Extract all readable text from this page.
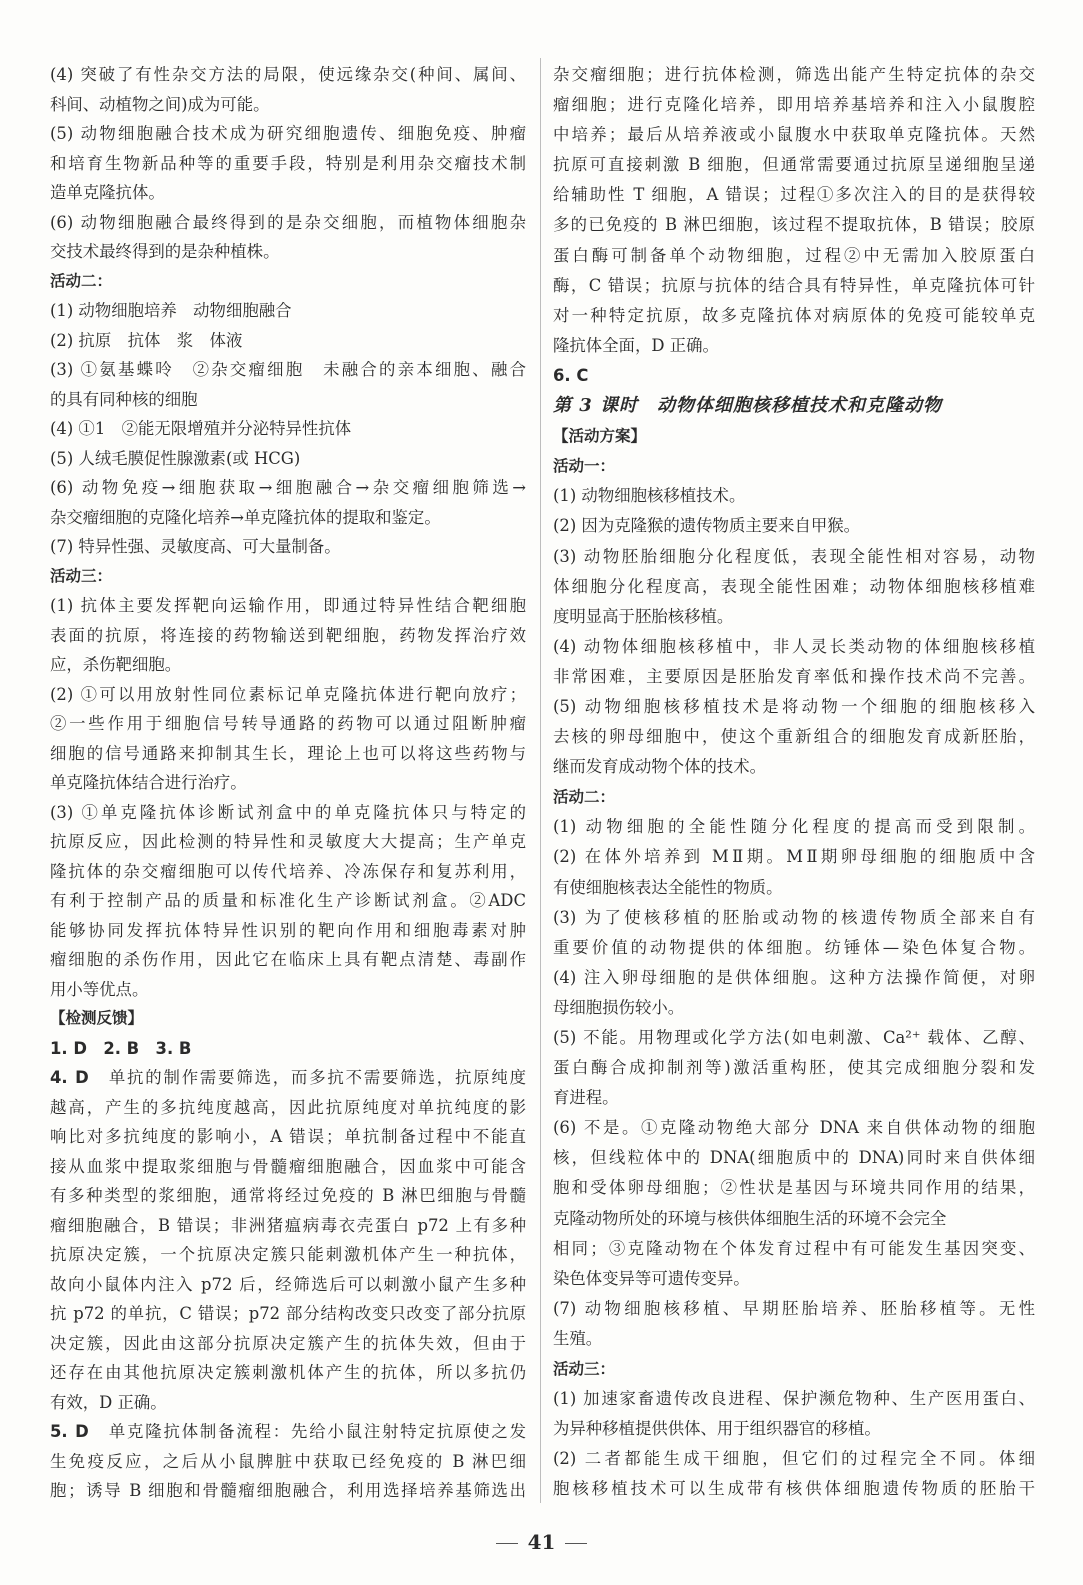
(4) 突破了有性杂交方法的局限，使远缘杂交(种间、属间、
科间、动植物之间)成为可能。
(5) 动物细胞融合技术成为研究细胞遗传、细胞免疫、肿瘤
和培育生物新品种等的重要手段，特别是利用杂交瘤技术制
造单克隆抗体。
(6) 动物细胞融合最终得到的是杂交细胞，而植物体细胞杂
交技术最终得到的是杂种植株。
活动二：
(1) 动物细胞培养　动物细胞融合
(2) 抗原　抗体　浆　体液
(3) ①氨基蝶呤　②杂交瘤细胞　未融合的亲本细胞、融合
的具有同种核的细胞
(4) ①1　②能无限增殖并分泌特异性抗体
(5) 人绒毛膜促性腺激素(或 HCG)
(6) 动物免疫→细胞获取→细胞融合→杂交瘤细胞筛选→
杂交瘤细胞的克隆化培养→单克隆抗体的提取和鉴定。
(7) 特异性强、灵敏度高、可大量制备。
活动三：
(1) 抗体主要发挥靶向运输作用，即通过特异性结合靶细胞
表面的抗原，将连接的药物输送到靶细胞，药物发挥治疗效
应，杀伤靶细胞。
(2) ①可以用放射性同位素标记单克隆抗体进行靶向放疗；
②一些作用于细胞信号转导通路的药物可以通过阻断肿瘤
细胞的信号通路来抑制其生长，理论上也可以将这些药物与
单克隆抗体结合进行治疗。
(3) ①单克隆抗体诊断试剂盒中的单克隆抗体只与特定的
抗原反应，因此检测的特异性和灵敏度大大提高；生产单克
隆抗体的杂交瘤细胞可以传代培养、冷冻保存和复苏利用，
有利于控制产品的质量和标准化生产诊断试剂盒。②ADC
能够协同发挥抗体特异性识别的靶向作用和细胞毒素对肿
瘤细胞的杀伤作用，因此它在临床上具有靶点清楚、毒副作
用小等优点。
【检测反馈】
1. D　2. B　3. B
4. D　单抗的制作需要筛选，而多抗不需要筛选，抗原纯度
越高，产生的多抗纯度越高，因此抗原纯度对单抗纯度的影
响比对多抗纯度的影响小，A 错误；单抗制备过程中不能直
接从血浆中提取浆细胞与骨髓瘤细胞融合，因血浆中可能含
有多种类型的浆细胞，通常将经过免疫的 B 淋巴细胞与骨髓
瘤细胞融合，B 错误；非洲猪瘟病毒衣壳蛋白 p72 上有多种
抗原决定簇，一个抗原决定簇只能刺激机体产生一种抗体，
故向小鼠体内注入 p72 后，经筛选后可以刺激小鼠产生多种
抗 p72 的单抗，C 错误；p72 部分结构改变只改变了部分抗原
决定簇，因此由这部分抗原决定簇产生的抗体失效，但由于
还存在由其他抗原决定簇刺激机体产生的抗体，所以多抗仍
有效，D 正确。
5. D　单克隆抗体制备流程：先给小鼠注射特定抗原使之发
生免疫反应，之后从小鼠脾脏中获取已经免疫的 B 淋巴细
胞；诱导 B 细胞和骨髓瘤细胞融合，利用选择培养基筛选出
杂交瘤细胞；进行抗体检测，筛选出能产生特定抗体的杂交
瘤细胞；进行克隆化培养，即用培养基培养和注入小鼠腹腔
中培养；最后从培养液或小鼠腹水中获取单克隆抗体。天然
抗原可直接刺激 B 细胞，但通常需要通过抗原呈递细胞呈递
给辅助性 T 细胞，A 错误；过程①多次注入的目的是获得较
多的已免疫的 B 淋巴细胞，该过程不提取抗体，B 错误；胶原
蛋白酶可制备单个动物细胞，过程②中无需加入胶原蛋白
酶，C 错误；抗原与抗体的结合具有特异性，单克隆抗体可针
对一种特定抗原，故多克隆抗体对病原体的免疫可能较单克
隆抗体全面，D 正确。
6. C
第 3 课时　动物体细胞核移植技术和克隆动物
【活动方案】
活动一：
(1) 动物细胞核移植技术。
(2) 因为克隆猴的遗传物质主要来自甲猴。
(3) 动物胚胎细胞分化程度低，表现全能性相对容易，动物
体细胞分化程度高，表现全能性困难；动物体细胞核移植难
度明显高于胚胎核移植。
(4) 动物体细胞核移植中，非人灵长类动物的体细胞核移植
非常困难，主要原因是胚胎发育率低和操作技术尚不完善。
(5) 动物细胞核移植技术是将动物一个细胞的细胞核移入
去核的卵母细胞中，使这个重新组合的细胞发育成新胚胎，
继而发育成动物个体的技术。
活动二：
(1) 动物细胞的全能性随分化程度的提高而受到限制。
(2) 在体外培养到 MⅡ期。MⅡ期卵母细胞的细胞质中含
有使细胞核表达全能性的物质。
(3) 为了使核移植的胚胎或动物的核遗传物质全部来自有
重要价值的动物提供的体细胞。纺锤体—染色体复合物。
(4) 注入卵母细胞的是供体细胞。这种方法操作简便，对卵
母细胞损伤较小。
(5) 不能。用物理或化学方法(如电刺激、Ca²⁺ 载体、乙醇、
蛋白酶合成抑制剂等)激活重构胚，使其完成细胞分裂和发
育进程。
(6) 不是。①克隆动物绝大部分 DNA 来自供体动物的细胞
核，但线粒体中的 DNA(细胞质中的 DNA)同时来自供体细
胞和受体卵母细胞；②性状是基因与环境共同作用的结果，
克隆动物所处的环境与核供体细胞生活的环境不会完全
相同；③克隆动物在个体发育过程中有可能发生基因突变、
染色体变异等可遗传变异。
(7) 动物细胞核移植、早期胚胎培养、胚胎移植等。无性
生殖。
活动三：
(1) 加速家畜遗传改良进程、保护濒危物种、生产医用蛋白、
为异种移植提供供体、用于组织器官的移植。
(2) 二者都能生成干细胞，但它们的过程完全不同。体细
胞核移植技术可以生成带有核供体细胞遗传物质的胚胎干
41
